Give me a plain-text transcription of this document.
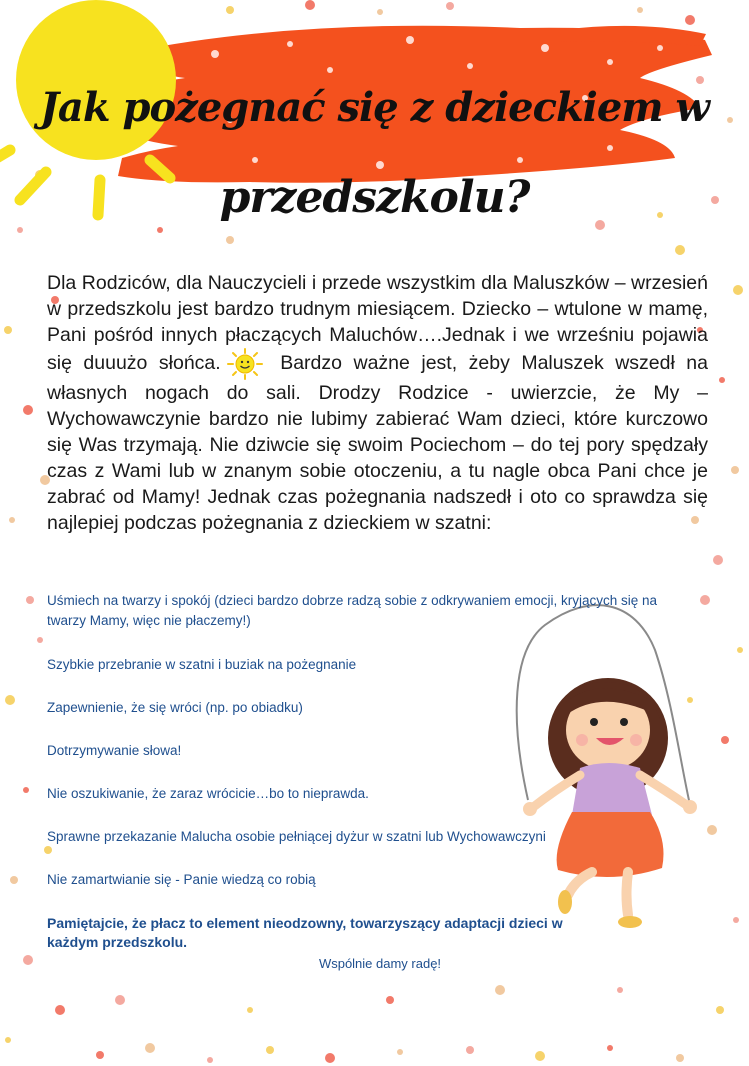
Jak pożegnać się z dzieckiem w
przedszkolu?
Dla Rodziców, dla Nauczycieli i przede wszystkim dla Maluszków – wrzesień w przedszkolu jest bardzo trudnym miesiącem. Dziecko – wtulone w mamę, Pani pośród innych płaczących Maluchów….Jednak i we wrześniu pojawia się duuużo słońca. Bardzo ważne jest, żeby Maluszek wszedł na własnych nogach do sali. Drodzy Rodzice - uwierzcie, że My – Wychowawczynie bardzo nie lubimy zabierać Wam dzieci, które kurczowo się Was trzymają. Nie dziwcie się swoim Pociechom – do tej pory spędzały czas z Wami lub w znanym sobie otoczeniu, a tu nagle obca Pani chce je zabrać od Mamy! Jednak czas pożegnania nadszedł i oto co sprawdza się najlepiej podczas pożegnania z dzieckiem w szatni:
Uśmiech na twarzy i spokój (dzieci bardzo dobrze radzą sobie z odkrywaniem emocji, kryjących się na twarzy Mamy, więc nie płaczemy!)
Szybkie przebranie w szatni i buziak na pożegnanie
Zapewnienie, że się wróci (np. po obiadku)
Dotrzymywanie słowa!
Nie oszukiwanie, że zaraz wrócicie…bo to nieprawda.
Sprawne przekazanie Malucha osobie pełniącej dyżur w szatni lub Wychowawczyni
Nie zamartwianie się - Panie wiedzą co robią
Pamiętajcie, że płacz to element nieodzowny, towarzyszący adaptacji dzieci w każdym przedszkolu.
Wspólnie damy radę!
